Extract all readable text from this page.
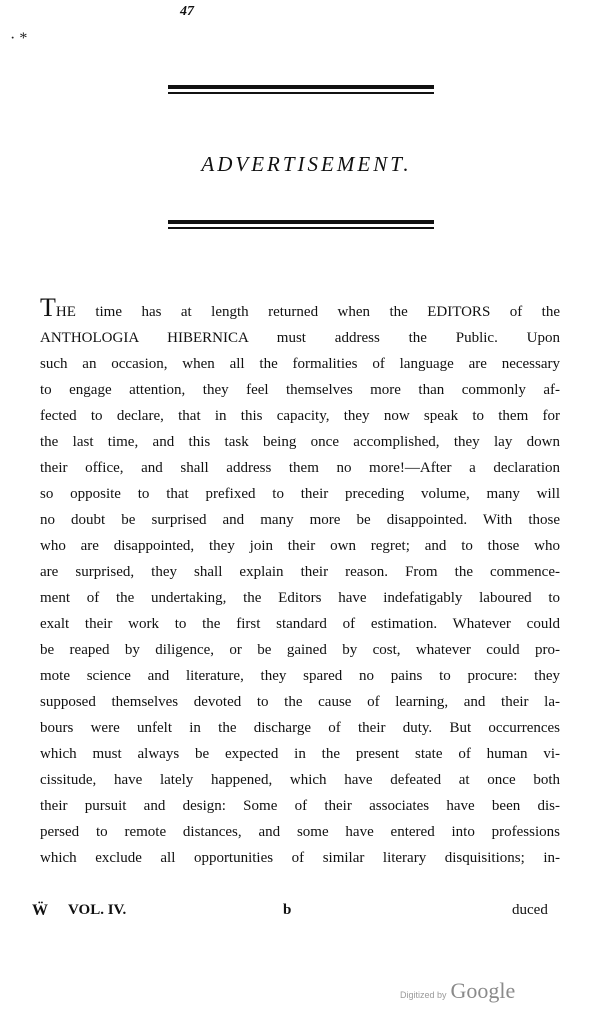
47
· *
ADVERTISEMENT.
THE time has at length returned when the EDITORS of the
ANTHOLOGIA HIBERNICA must address the Public. Upon
such an occasion, when all the formalities of language are necessary
to engage attention, they feel themselves more than commonly af-
fected to declare, that in this capacity, they now speak to them for
the last time, and this task being once accomplished, they lay down
their office, and shall address them no more!—After a declaration
so opposite to that prefixed to their preceding volume, many will
no doubt be surprised and many more be disappointed. With those
who are disappointed, they join their own regret; and to those who
are surprised, they shall explain their reason. From the commence-
ment of the undertaking, the Editors have indefatigably laboured to
exalt their work to the first standard of estimation. Whatever could
be reaped by diligence, or be gained by cost, whatever could pro-
mote science and literature, they spared no pains to procure: they
supposed themselves devoted to the cause of learning, and their la-
bours were unfelt in the discharge of their duty. But occurrences
which must always be expected in the present state of human vi-
cissitude, have lately happened, which have defeated at once both
their pursuit and design: Some of their associates have been dis-
persed to remote distances, and some have entered into professions
which exclude all opportunities of similar literary disquisitions; in-
Ẅ VOL. IV.	b	duced
Digitized by Google
